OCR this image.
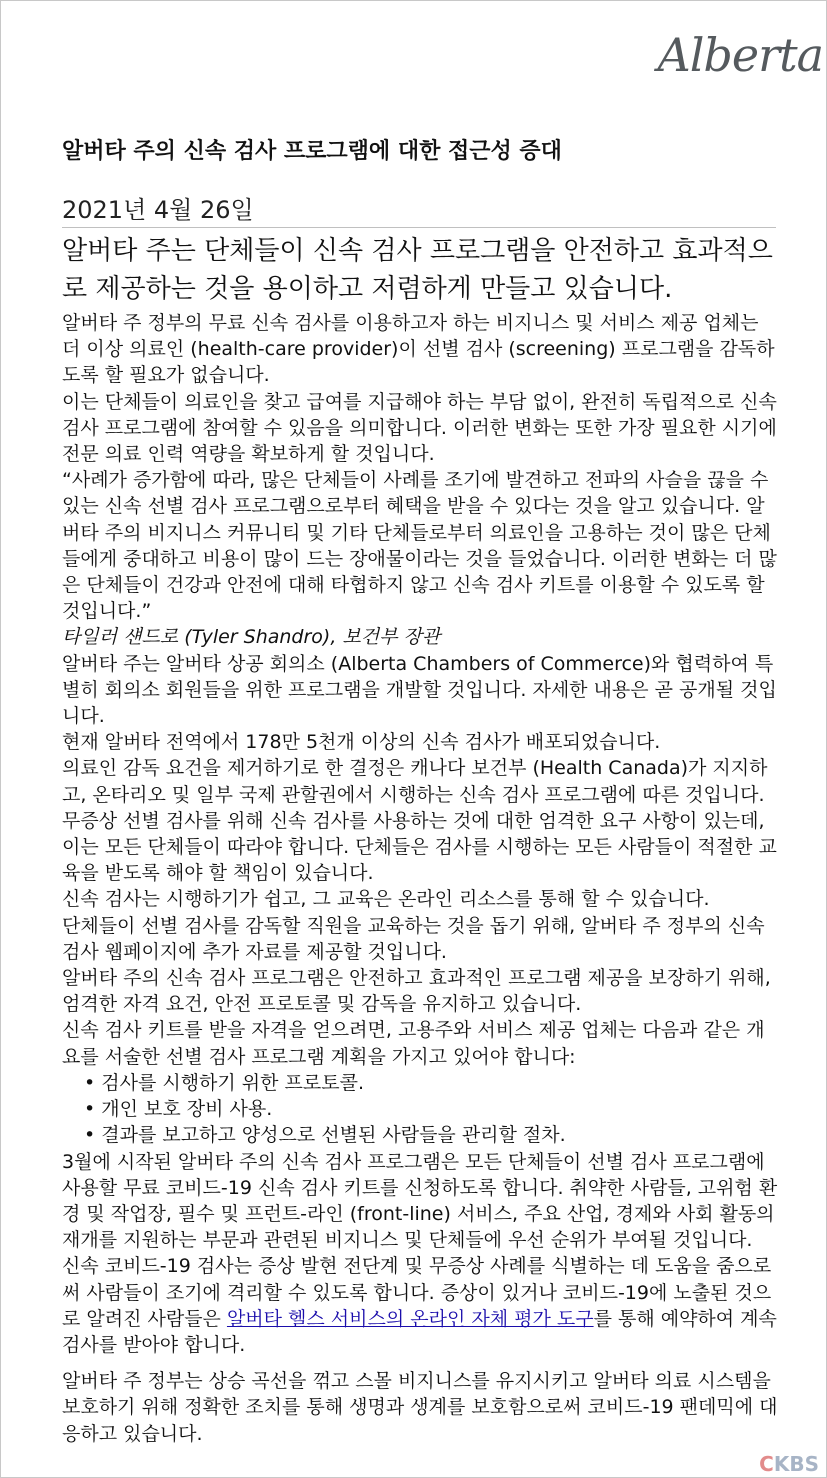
Alberta
알버타 주의 신속 검사 프로그램에 대한 접근성 증대
2021년 4월 26일

알버타 주는 단체들이 신속 검사 프로그램을 안전하고 효과적으로 제공하는 것을 용이하고 저렴하게 만들고 있습니다.

알버타 주 정부의 무료 신속 검사를 이용하고자 하는 비지니스 및 서비스 제공 업체는 더 이상 의료인 (health-care provider)이 선별 검사 (screening) 프로그램을 감독하도록 할 필요가 없습니다.

이는 단체들이 의료인을 찾고 급여를 지급해야 하는 부담 없이, 완전히 독립적으로 신속 검사 프로그램에 참여할 수 있음을 의미합니다. 이러한 변화는 또한 가장 필요한 시기에 전문 의료 인력 역량을 확보하게 할 것입니다.

“사례가 증가함에 따라, 많은 단체들이 사례를 조기에 발견하고 전파의 사슬을 끊을 수 있는 신속 선별 검사 프로그램으로부터 혜택을 받을 수 있다는 것을 알고 있습니다. 알버타 주의 비지니스 커뮤니티 및 기타 단체들로부터 의료인을 고용하는 것이 많은 단체들에게 중대하고 비용이 많이 드는 장애물이라는 것을 들었습니다. 이러한 변화는 더 많은 단체들이 건강과 안전에 대해 타협하지 않고 신속 검사 키트를 이용할 수 있도록 할 것입니다.”

타일러 섄드로 (Tyler Shandro), 보건부 장관

알버타 주는 알버타 상공 회의소 (Alberta Chambers of Commerce)와 협력하여 특별히 회의소 회원들을 위한 프로그램을 개발할 것입니다. 자세한 내용은 곧 공개될 것입니다.

현재 알버타 전역에서 178만 5천개 이상의 신속 검사가 배포되었습니다.

의료인 감독 요건을 제거하기로 한 결정은 캐나다 보건부 (Health Canada)가 지지하고, 온타리오 및 일부 국제 관할권에서 시행하는 신속 검사 프로그램에 따른 것입니다.

무증상 선별 검사를 위해 신속 검사를 사용하는 것에 대한 엄격한 요구 사항이 있는데, 이는 모든 단체들이 따라야 합니다. 단체들은 검사를 시행하는 모든 사람들이 적절한 교육을 받도록 해야 할 책임이 있습니다.

신속 검사는 시행하기가 쉽고, 그 교육은 온라인 리소스를 통해 할 수 있습니다.

단체들이 선별 검사를 감독할 직원을 교육하는 것을 돕기 위해, 알버타 주 정부의 신속 검사 웹페이지에 추가 자료를 제공할 것입니다.

알버타 주의 신속 검사 프로그램은 안전하고 효과적인 프로그램 제공을 보장하기 위해, 엄격한 자격 요건, 안전 프로토콜 및 감독을 유지하고 있습니다.

신속 검사 키트를 받을 자격을 얻으려면, 고용주와 서비스 제공 업체는 다음과 같은 개요를 서술한 선별 검사 프로그램 계획을 가지고 있어야 합니다:

• 검사를 시행하기 위한 프로토콜.
• 개인 보호 장비 사용.
• 결과를 보고하고 양성으로 선별된 사람들을 관리할 절차.

3월에 시작된 알버타 주의 신속 검사 프로그램은 모든 단체들이 선별 검사 프로그램에 사용할 무료 코비드-19 신속 검사 키트를 신청하도록 합니다. 취약한 사람들, 고위험 환경 및 작업장, 필수 및 프런트-라인 (front-line) 서비스, 주요 산업, 경제와 사회 활동의 재개를 지원하는 부문과 관련된 비지니스 및 단체들에 우선 순위가 부여될 것입니다.

신속 코비드-19 검사는 증상 발현 전단계 및 무증상 사례를 식별하는 데 도움을 줌으로써 사람들이 조기에 격리할 수 있도록 합니다. 증상이 있거나 코비드-19에 노출된 것으로 알려진 사람들은 알버타 헬스 서비스의 온라인 자체 평가 도구를 통해 예약하여 계속 검사를 받아야 합니다.

알버타 주 정부는 상승 곡선을 꺾고 스몰 비지니스를 유지시키고 알버타 의료 시스템을 보호하기 위해 정확한 조치를 통해 생명과 생계를 보호함으로써 코비드-19 팬데믹에 대응하고 있습니다.

CKBS
